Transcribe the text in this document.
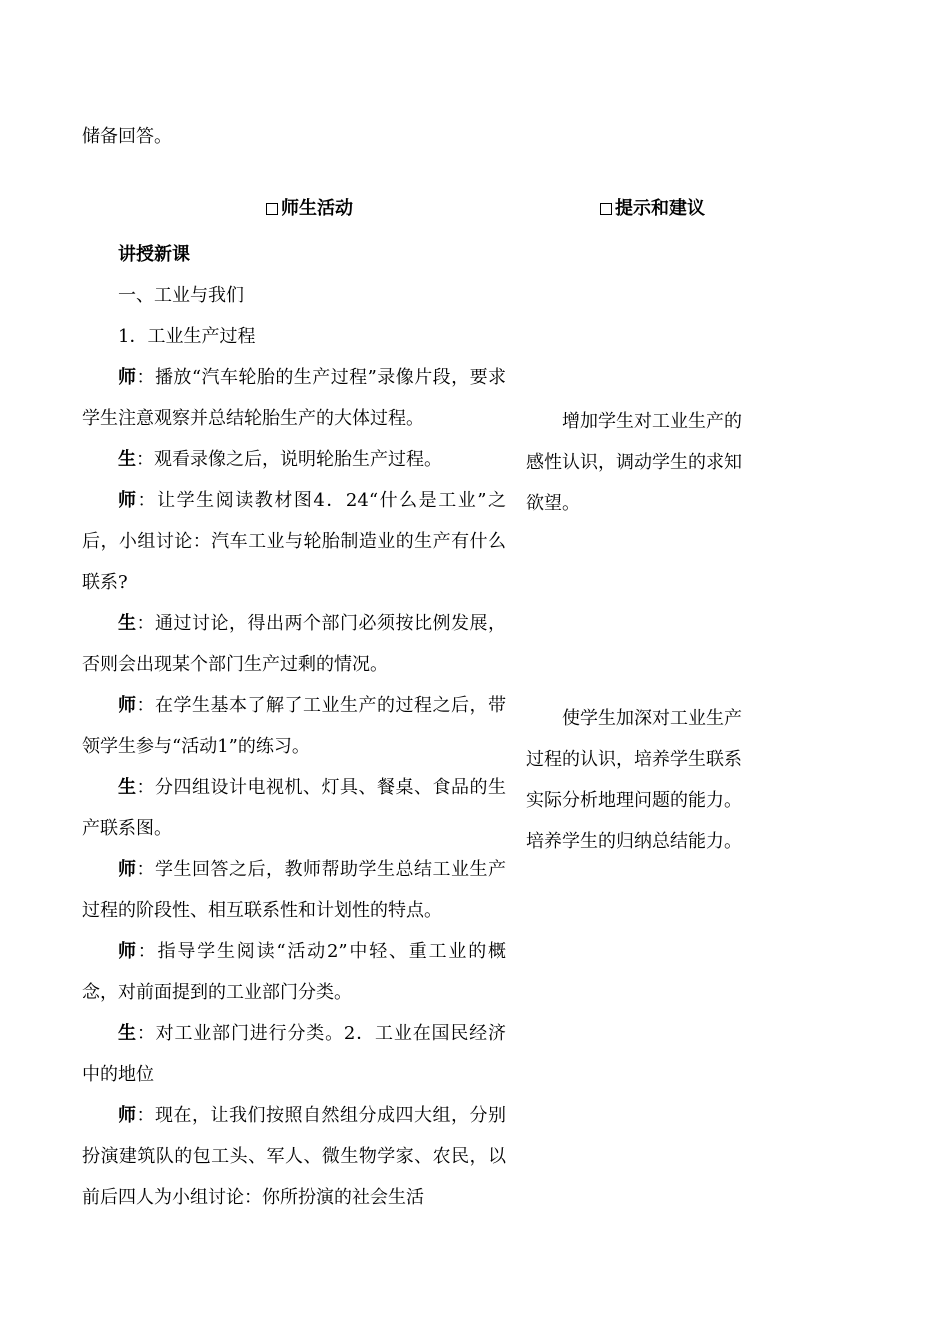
储备回答。

师生活动	提示和建议

讲授新课

一、工业与我们

1．工业生产过程

师：播放“汽车轮胎的生产过程”录像片段，要求学生注意观察并总结轮胎生产的大体过程。

生：观看录像之后，说明轮胎生产过程。

师：让学生阅读教材图4．24“什么是工业”之后，小组讨论：汽车工业与轮胎制造业的生产有什么联系?

生：通过讨论，得出两个部门必须按比例发展，否则会出现某个部门生产过剩的情况。

师：在学生基本了解了工业生产的过程之后，带领学生参与“活动1”的练习。

生：分四组设计电视机、灯具、餐桌、食品的生产联系图。

师：学生回答之后，教师帮助学生总结工业生产过程的阶段性、相互联系性和计划性的特点。

师：指导学生阅读“活动2”中轻、重工业的概念，对前面提到的工业部门分类。

生：对工业部门进行分类。2．工业在国民经济中的地位

师：现在，让我们按照自然组分成四大组，分别扮演建筑队的包工头、军人、微生物学家、农民，以前后四人为小组讨论：你所扮演的社会生活

增加学生对工业生产的感性认识，调动学生的求知欲望。

使学生加深对工业生产过程的认识，培养学生联系实际分析地理问题的能力。培养学生的归纳总结能力。
